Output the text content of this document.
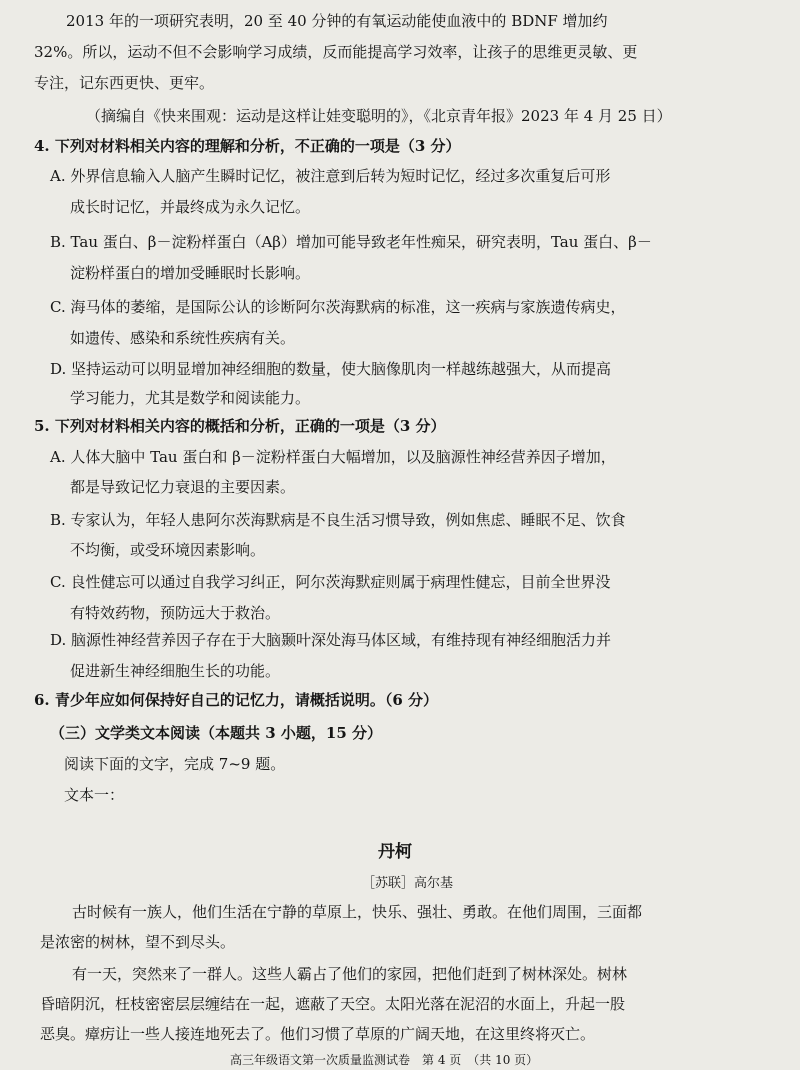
2013 年的一项研究表明，20 至 40 分钟的有氧运动能使血液中的 BDNF 增加约
32%。所以，运动不但不会影响学习成绩，反而能提高学习效率，让孩子的思维更灵敏、更
专注，记东西更快、更牢。
（摘编自《快来围观：运动是这样让娃变聪明的》，《北京青年报》2023 年 4 月 25 日）
4. 下列对材料相关内容的理解和分析，不正确的一项是（3 分）
A. 外界信息输入人脑产生瞬时记忆，被注意到后转为短时记忆，经过多次重复后可形
成长时记忆，并最终成为永久记忆。
B. Tau 蛋白、β－淀粉样蛋白（Aβ）增加可能导致老年性痴呆，研究表明，Tau 蛋白、β－
淀粉样蛋白的增加受睡眠时长影响。
C. 海马体的萎缩，是国际公认的诊断阿尔茨海默病的标准，这一疾病与家族遗传病史，
如遗传、感染和系统性疾病有关。
D. 坚持运动可以明显增加神经细胞的数量，使大脑像肌肉一样越练越强大，从而提高
学习能力，尤其是数学和阅读能力。
5. 下列对材料相关内容的概括和分析，正确的一项是（3 分）
A. 人体大脑中 Tau 蛋白和 β－淀粉样蛋白大幅增加，以及脑源性神经营养因子增加，
都是导致记忆力衰退的主要因素。
B. 专家认为，年轻人患阿尔茨海默病是不良生活习惯导致，例如焦虑、睡眠不足、饮食
不均衡，或受环境因素影响。
C. 良性健忘可以通过自我学习纠正，阿尔茨海默症则属于病理性健忘，目前全世界没
有特效药物，预防远大于救治。
D. 脑源性神经营养因子存在于大脑颞叶深处海马体区域，有维持现有神经细胞活力并
促进新生神经细胞生长的功能。
6. 青少年应如何保持好自己的记忆力，请概括说明。（6 分）
（三）文学类文本阅读（本题共 3 小题，15 分）
阅读下面的文字，完成 7~9 题。
文本一：
丹柯
［苏联］高尔基
古时候有一族人，他们生活在宁静的草原上，快乐、强壮、勇敢。在他们周围，三面都
是浓密的树林，望不到尽头。
有一天，突然来了一群人。这些人霸占了他们的家园，把他们赶到了树林深处。树林
昏暗阴沉，枉枝密密层层缠结在一起，遮蔽了天空。太阳光落在泥沼的水面上，升起一股
恶臭。瘴疠让一些人接连地死去了。他们习惯了草原的广阔天地，在这里终将灭亡。
高三年级语文第一次质量监测试卷　第 4 页　（共 10 页）
